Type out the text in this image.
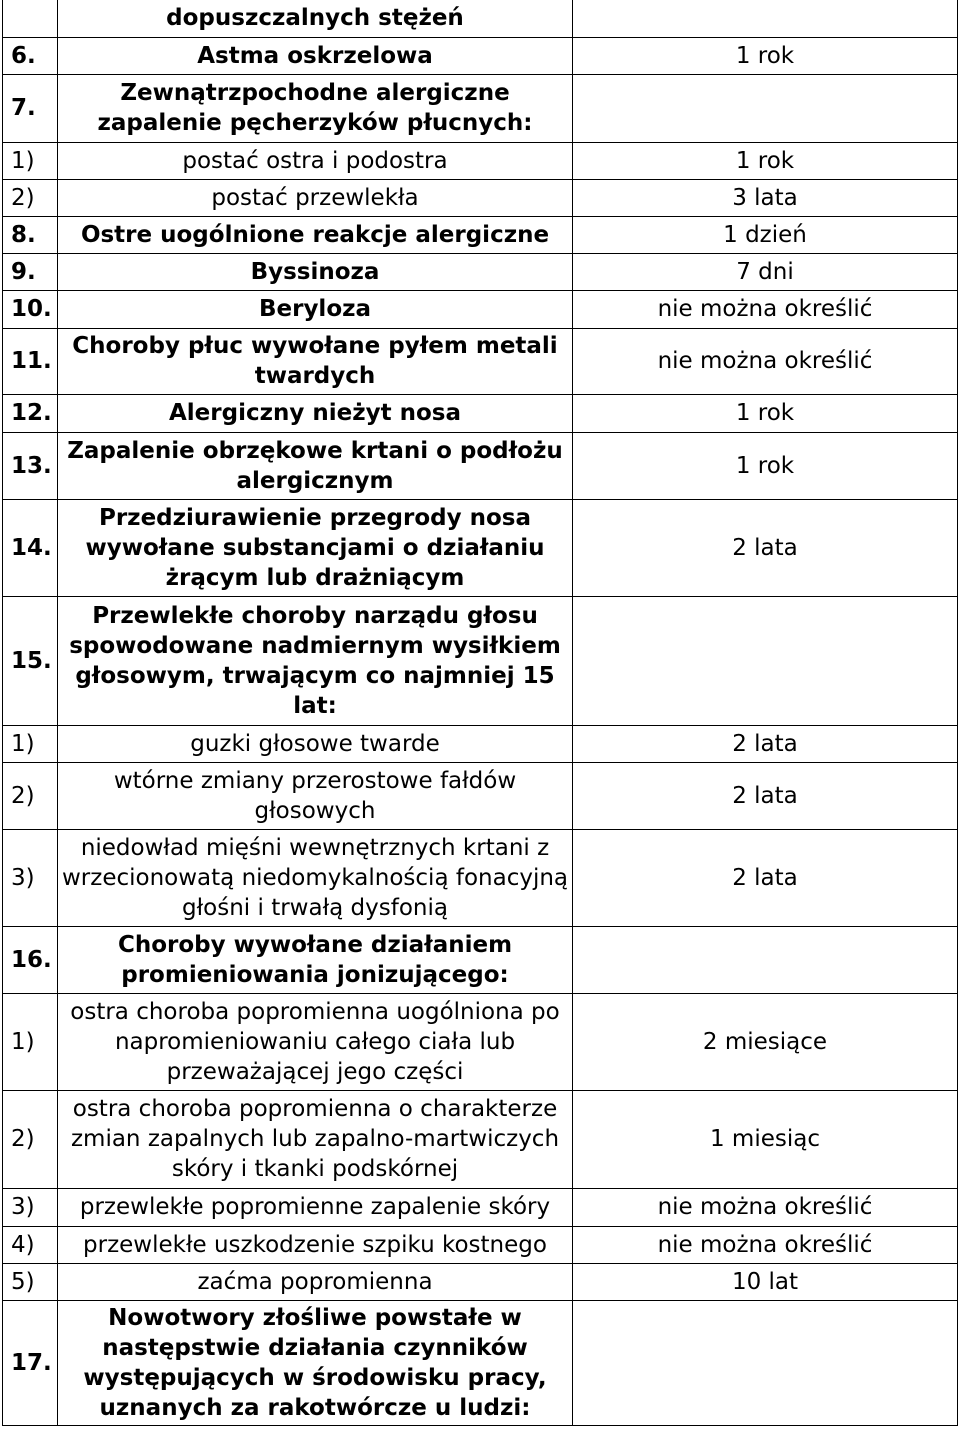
	dopuszczalnych stężeń	
6.	Astma oskrzelowa	1 rok
7.	Zewnątrzpochodne alergiczne zapalenie pęcherzyków płucnych:	
1)	postać ostra i podostra	1 rok
2)	postać przewlekła	3 lata
8.	Ostre uogólnione reakcje alergiczne	1 dzień
9.	Byssinoza	7 dni
10.	Beryloza	nie można określić
11.	Choroby płuc wywołane pyłem metali twardych	nie można określić
12.	Alergiczny nieżyt nosa	1 rok
13.	Zapalenie obrzękowe krtani o podłożu alergicznym	1 rok
14.	Przedziurawienie przegrody nosa wywołane substancjami o działaniu żrącym lub drażniącym	2 lata
15.	Przewlekłe choroby narządu głosu spowodowane nadmiernym wysiłkiem głosowym, trwającym co najmniej 15 lat:	
1)	guzki głosowe twarde	2 lata
2)	wtórne zmiany przerostowe fałdów głosowych	2 lata
3)	niedowład mięśni wewnętrznych krtani z wrzecionowatą niedomykalnością fonacyjną głośni i trwałą dysfonią	2 lata
16.	Choroby wywołane działaniem promieniowania jonizującego:	
1)	ostra choroba popromienna uogólniona po napromieniowaniu całego ciała lub przeważającej jego części	2 miesiące
2)	ostra choroba popromienna o charakterze zmian zapalnych lub zapalno-martwiczych skóry i tkanki podskórnej	1 miesiąc
3)	przewlekłe popromienne zapalenie skóry	nie można określić
4)	przewlekłe uszkodzenie szpiku kostnego	nie można określić
5)	zaćma popromienna	10 lat
17.	Nowotwory złośliwe powstałe w następstwie działania czynników występujących w środowisku pracy, uznanych za rakotwórcze u ludzi:	
